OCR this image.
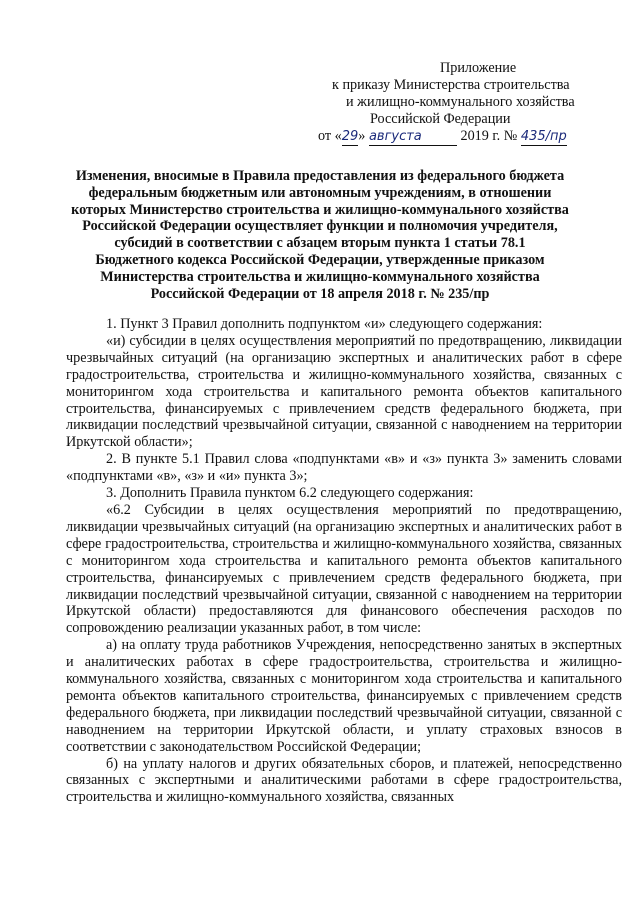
Приложение
к приказу Министерства строительства
и жилищно-коммунального хозяйства
Российской Федерации
от «29» августа 2019 г. № 435/пр
Изменения, вносимые в Правила предоставления из федерального бюджета
федеральным бюджетным или автономным учреждениям, в отношении
которых Министерство строительства и жилищно-коммунального хозяйства
Российской Федерации осуществляет функции и полномочия учредителя,
субсидий в соответствии с абзацем вторым пункта 1 статьи 78.1
Бюджетного кодекса Российской Федерации, утвержденные приказом
Министерства строительства и жилищно-коммунального хозяйства
Российской Федерации от 18 апреля 2018 г. № 235/пр

1. Пункт 3 Правил дополнить подпунктом «и» следующего содержания:

«и) субсидии в целях осуществления мероприятий по предотвращению, ликвидации чрезвычайных ситуаций (на организацию экспертных и аналитических работ в сфере градостроительства, строительства и жилищно-коммунального хозяйства, связанных с мониторингом хода строительства и капитального ремонта объектов капитального строительства, финансируемых с привлечением средств федерального бюджета, при ликвидации последствий чрезвычайной ситуации, связанной с наводнением на территории Иркутской области»;

2. В пункте 5.1 Правил слова «подпунктами «в» и «з» пункта 3» заменить словами «подпунктами «в», «з» и «и» пункта 3»;

3. Дополнить Правила пунктом 6.2 следующего содержания:

«6.2 Субсидии в целях осуществления мероприятий по предотвращению, ликвидации чрезвычайных ситуаций (на организацию экспертных и аналитических работ в сфере градостроительства, строительства и жилищно-коммунального хозяйства, связанных с мониторингом хода строительства и капитального ремонта объектов капитального строительства, финансируемых с привлечением средств федерального бюджета, при ликвидации последствий чрезвычайной ситуации, связанной с наводнением на территории Иркутской области) предоставляются для финансового обеспечения расходов по сопровождению реализации указанных работ, в том числе:

а) на оплату труда работников Учреждения, непосредственно занятых в экспертных и аналитических работах в сфере градостроительства, строительства и жилищно-коммунального хозяйства, связанных с мониторингом хода строительства и капитального ремонта объектов капитального строительства, финансируемых с привлечением средств федерального бюджета, при ликвидации последствий чрезвычайной ситуации, связанной с наводнением на территории Иркутской области, и уплату страховых взносов в соответствии с законодательством Российской Федерации;

б) на уплату налогов и других обязательных сборов, и платежей, непосредственно связанных с экспертными и аналитическими работами в сфере градостроительства, строительства и жилищно-коммунального хозяйства, связанных
